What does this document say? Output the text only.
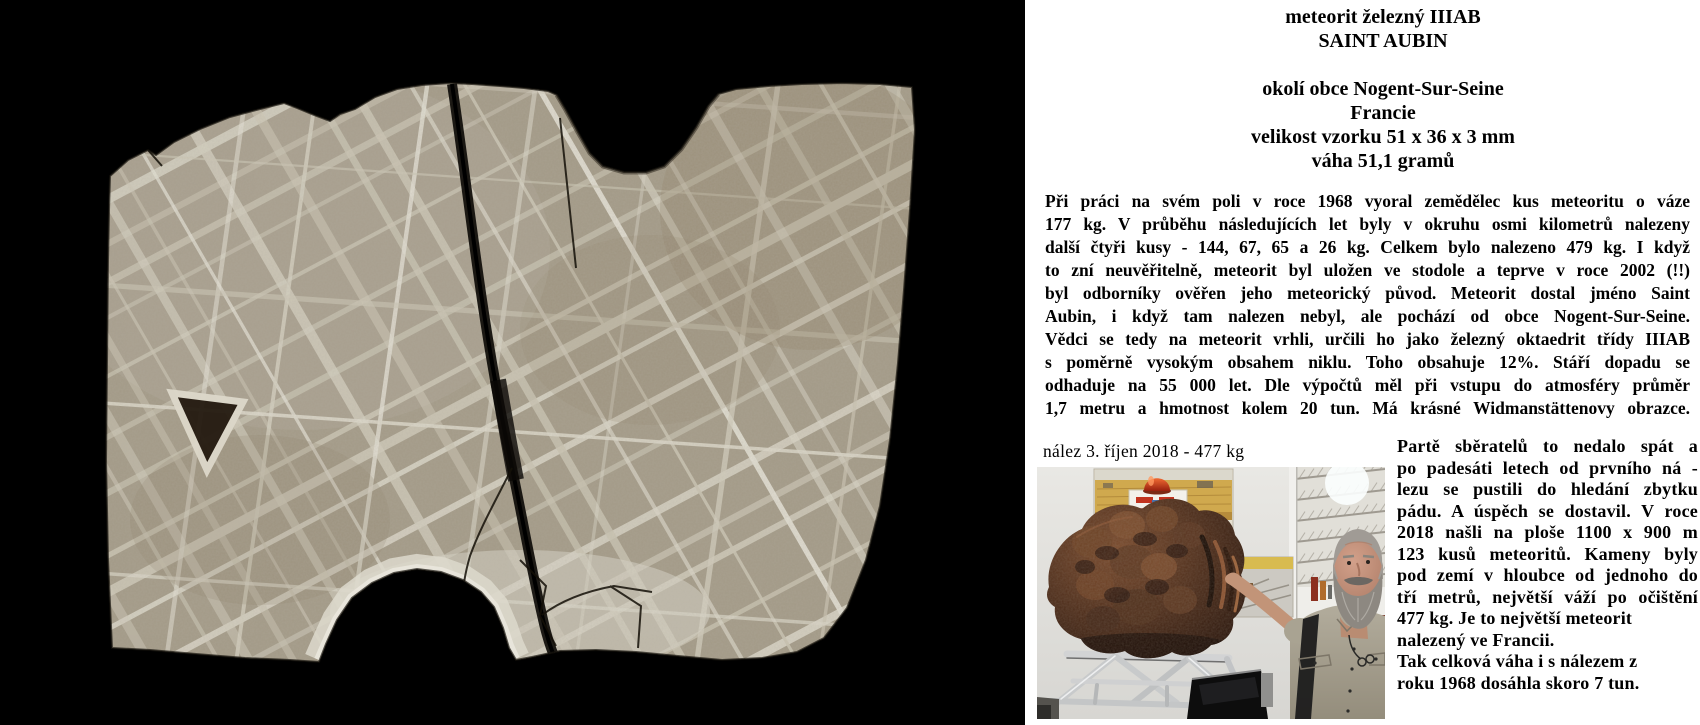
meteorit železný IIIAB
SAINT AUBIN
okolí obce Nogent-Sur-Seine
Francie
velikost vzorku 51 x 36 x 3 mm
váha 51,1 gramů
Při práci na svém poli v roce 1968 vyoral zemědělec kus meteoritu o váze
177 kg. V průběhu následujících let byly v okruhu osmi kilometrů nalezeny
další čtyři kusy - 144, 67, 65 a 26 kg. Celkem bylo nalezeno 479 kg. I když
to zní neuvěřitelně, meteorit byl uložen ve stodole a teprve v roce 2002 (!!)
byl odborníky ověřen jeho meteorický původ. Meteorit dostal jméno Saint
Aubin, i když tam nalezen nebyl, ale pochází od obce Nogent-Sur-Seine.
Vědci se tedy na meteorit vrhli, určili ho jako železný oktaedrit třídy IIIAB
s poměrně vysokým obsahem niklu. Toho obsahuje 12%. Stáří dopadu se
odhaduje na 55 000 let. Dle výpočtů měl při vstupu do atmosféry průměr
1,7 metru a hmotnost kolem 20 tun. Má krásné Widmanstättenovy obrazce.
nález 3. říjen 2018 - 477 kg	Partě sběratelů to nedalo spát a
po padesáti letech od prvního ná -
lezu se pustili do hledání zbytku
pádu. A úspěch se dostavil. V roce
2018 našli na ploše 1100 x 900 m
123 kusů meteoritů. Kameny byly
pod zemí v hloubce od jednoho do
tří metrů, největší váží po očištění
477 kg. Je to největší meteorit
nalezený ve Francii.
Tak celková váha i s nálezem z
roku 1968 dosáhla skoro 7 tun.
